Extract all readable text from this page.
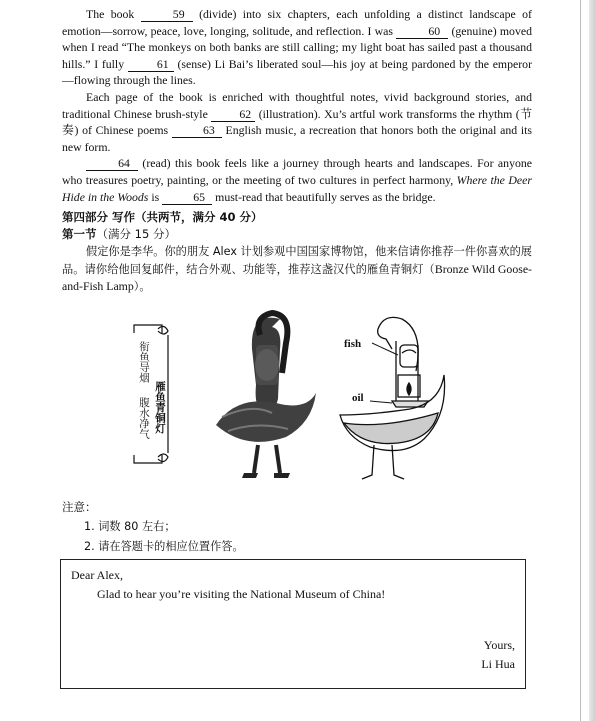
The book	59 (divide) into six chapters, each unfolding a distinct landscape of emotion—sorrow, peace, love, longing, solitude, and reflection. I was	60 (genuine) moved when I read “The monkeys on both banks are still calling; my light boat has sailed past a thousand hills.” I fully 61 (sense) Li Bai’s liberated soul—his joy at being pardoned by the emperor—flowing through the lines.

Each page of the book is enriched with thoughtful notes, vivid background stories, and traditional Chinese brush-style 62 (illustration). Xu’s artful work transforms the rhythm (节奏) of Chinese poems	63 English music, a recreation that honors both the original and its new form.

64 (read) this book feels like a journey through hearts and landscapes. For anyone who treasures poetry, painting, or the meeting of two cultures in perfect harmony, Where the Deer Hide in the Woods is	65 must-read that beautifully serves as the bridge.

第四部分 写作（共两节，满分 40 分）
第一节（满分 15 分）
假定你是李华。你的朋友 Alex 计划参观中国国家博物馆，他来信请你推荐一件你喜欢的展品。请你给他回复邮件，结合外观、功能等，推荐这盏汉代的雁鱼青铜灯（Bronze Wild Goose-and-Fish Lamp）。
衔鱼导烟
腹水净气 雁鱼青铜灯
fish
oil
注意：
1. 词数 80 左右；
2. 请在答题卡的相应位置作答。
Dear Alex,
Glad to hear you’re visiting the National Museum of China!
Yours,
Li Hua
